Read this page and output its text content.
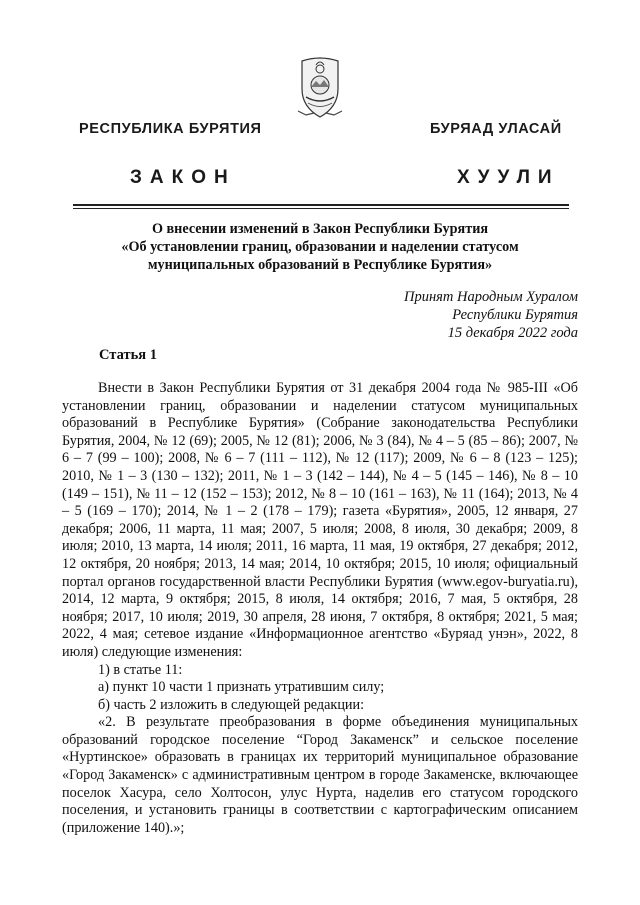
РЕСПУБЛИКА БУРЯТИЯ	БУРЯАД УЛАСАЙ
ЗАКОН	ХУУЛИ
О внесении изменений в Закон Республики Бурятия
«Об установлении границ, образовании и наделении статусом
муниципальных образований в Республике Бурятия»
Принят Народным Хуралом
Республики Бурятия
15 декабря 2022 года
Статья 1

Внести в Закон Республики Бурятия от 31 декабря 2004 года № 985-III «Об установлении границ, образовании и наделении статусом муниципальных образований в Республике Бурятия» (Собрание законодательства Республики Бурятия, 2004, № 12 (69); 2005, № 12 (81); 2006, № 3 (84), № 4 – 5 (85 – 86); 2007, № 6 – 7 (99 – 100); 2008, № 6 – 7 (111 – 112), № 12 (117); 2009, № 6 – 8 (123 – 125); 2010, № 1 – 3 (130 – 132); 2011, № 1 – 3 (142 – 144), № 4 – 5 (145 – 146), № 8 – 10 (149 – 151), № 11 – 12 (152 – 153); 2012, № 8 – 10 (161 – 163), № 11 (164); 2013, № 4 – 5 (169 – 170); 2014, № 1 – 2 (178 – 179); газета «Бурятия», 2005, 12 января, 27 декабря; 2006, 11 марта, 11 мая; 2007, 5 июля; 2008, 8 июля, 30 декабря; 2009, 8 июля; 2010, 13 марта, 14 июля; 2011, 16 марта, 11 мая, 19 октября, 27 декабря; 2012, 12 октября, 20 ноября; 2013, 14 мая; 2014, 10 октября; 2015, 10 июля; официальный портал органов государственной власти Республики Бурятия (www.egov-buryatia.ru), 2014, 12 марта, 9 октября; 2015, 8 июля, 14 октября; 2016, 7 мая, 5 октября, 28 ноября; 2017, 10 июля; 2019, 30 апреля, 28 июня, 7 октября, 8 октября; 2021, 5 мая; 2022, 4 мая; сетевое издание «Информационное агентство «Буряад унэн», 2022, 8 июля) следующие изменения:

1) в статье 11:

а) пункт 10 части 1 признать утратившим силу;

б) часть 2 изложить в следующей редакции:

«2. В результате преобразования в форме объединения муниципальных образований городское поселение “Город Закаменск” и сельское поселение «Нуртинское» образовать в границах их территорий муниципальное образование «Город Закаменск» с административным центром в городе Закаменске, включающее поселок Хасура, село Холтосон, улус Нурта, наделив его статусом городского поселения, и установить границы в соответствии с картографическим описанием (приложение 140).»;
